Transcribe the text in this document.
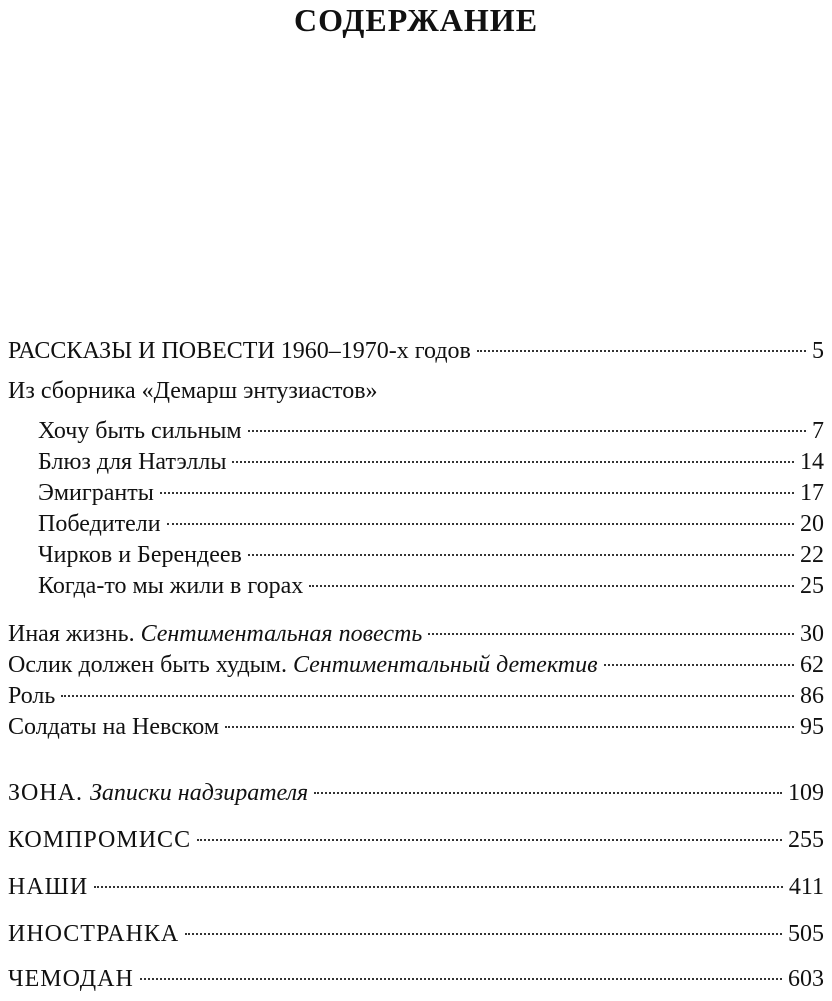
СОДЕРЖАНИЕ
РАССКАЗЫ И ПОВЕСТИ 1960–1970-х годов	5
Из сборника «Демарш энтузиастов»
Хочу быть сильным	7
Блюз для Натэллы	14
Эмигранты	17
Победители	20
Чирков и Берендеев	22
Когда-то мы жили в горах	25
Иная жизнь. Сентиментальная повесть	30
Ослик должен быть худым. Сентиментальный детектив	62
Роль	86
Солдаты на Невском	95
ЗОНА. Записки надзирателя	109
КОМПРОМИСС	255
НАШИ	411
ИНОСТРАНКА	505
ЧЕМОДАН	603
